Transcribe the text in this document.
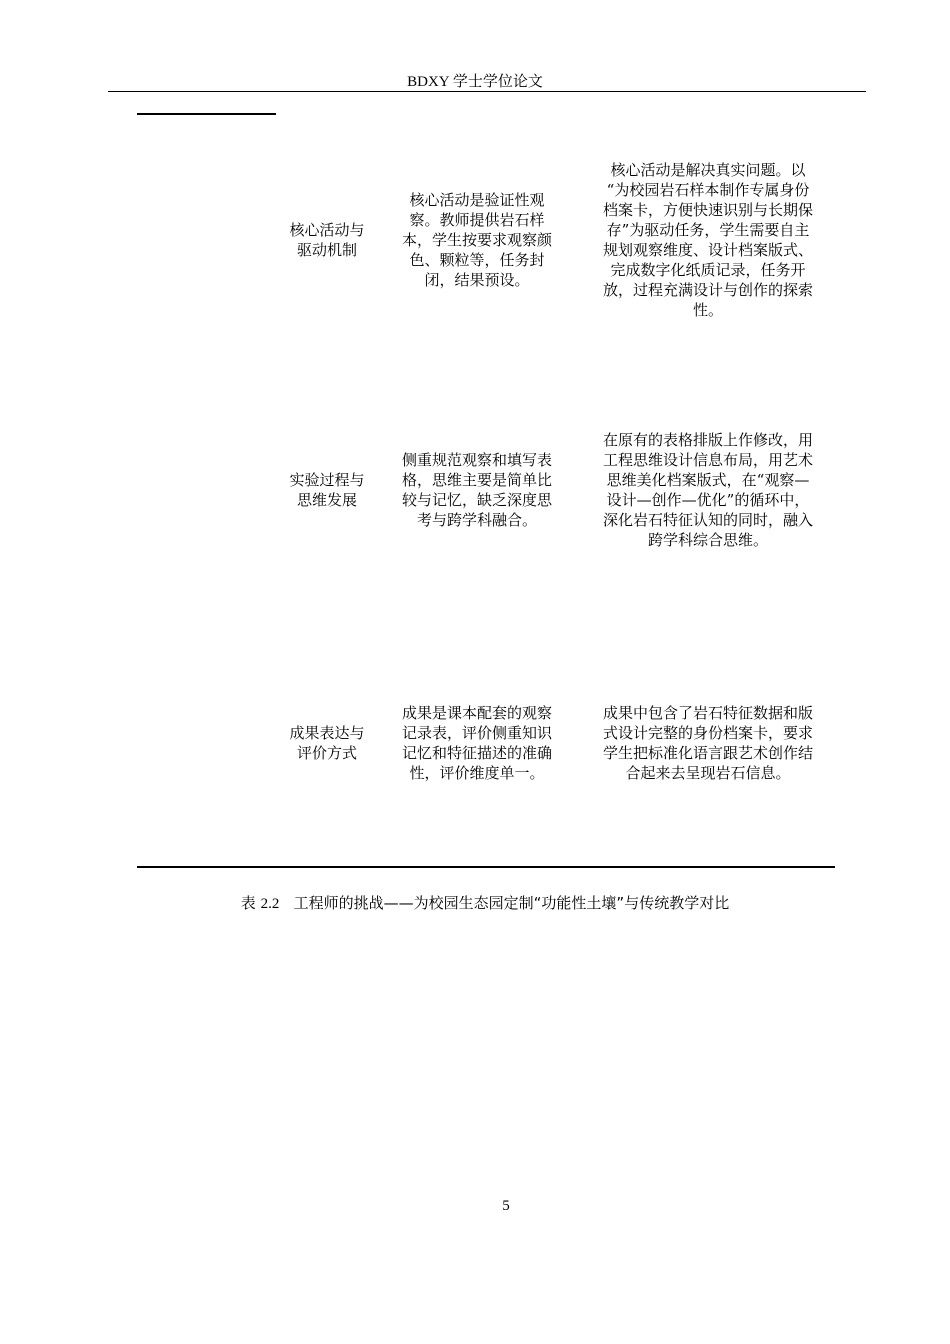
BDXY 学士学位论文
核心活动与
驱动机制
核心活动是验证性观
察。教师提供岩石样
本，学生按要求观察颜
色、颗粒等，任务封
闭，结果预设。
核心活动是解决真实问题。以
“为校园岩石样本制作专属身份
档案卡，方便快速识别与长期保
存”为驱动任务，学生需要自主
规划观察维度、设计档案版式、
完成数字化纸质记录，任务开
放，过程充满设计与创作的探索
性。
实验过程与
思维发展
侧重规范观察和填写表
格，思维主要是简单比
较与记忆，缺乏深度思
考与跨学科融合。
在原有的表格排版上作修改，用
工程思维设计信息布局，用艺术
思维美化档案版式，在“观察—
设计—创作—优化”的循环中，
深化岩石特征认知的同时，融入
跨学科综合思维。
成果表达与
评价方式
成果是课本配套的观察
记录表，评价侧重知识
记忆和特征描述的准确
性，评价维度单一。
成果中包含了岩石特征数据和版
式设计完整的身份档案卡，要求
学生把标准化语言跟艺术创作结
合起来去呈现岩石信息。
表 2.2 工程师的挑战——为校园生态园定制“功能性土壤”与传统教学对比
5
